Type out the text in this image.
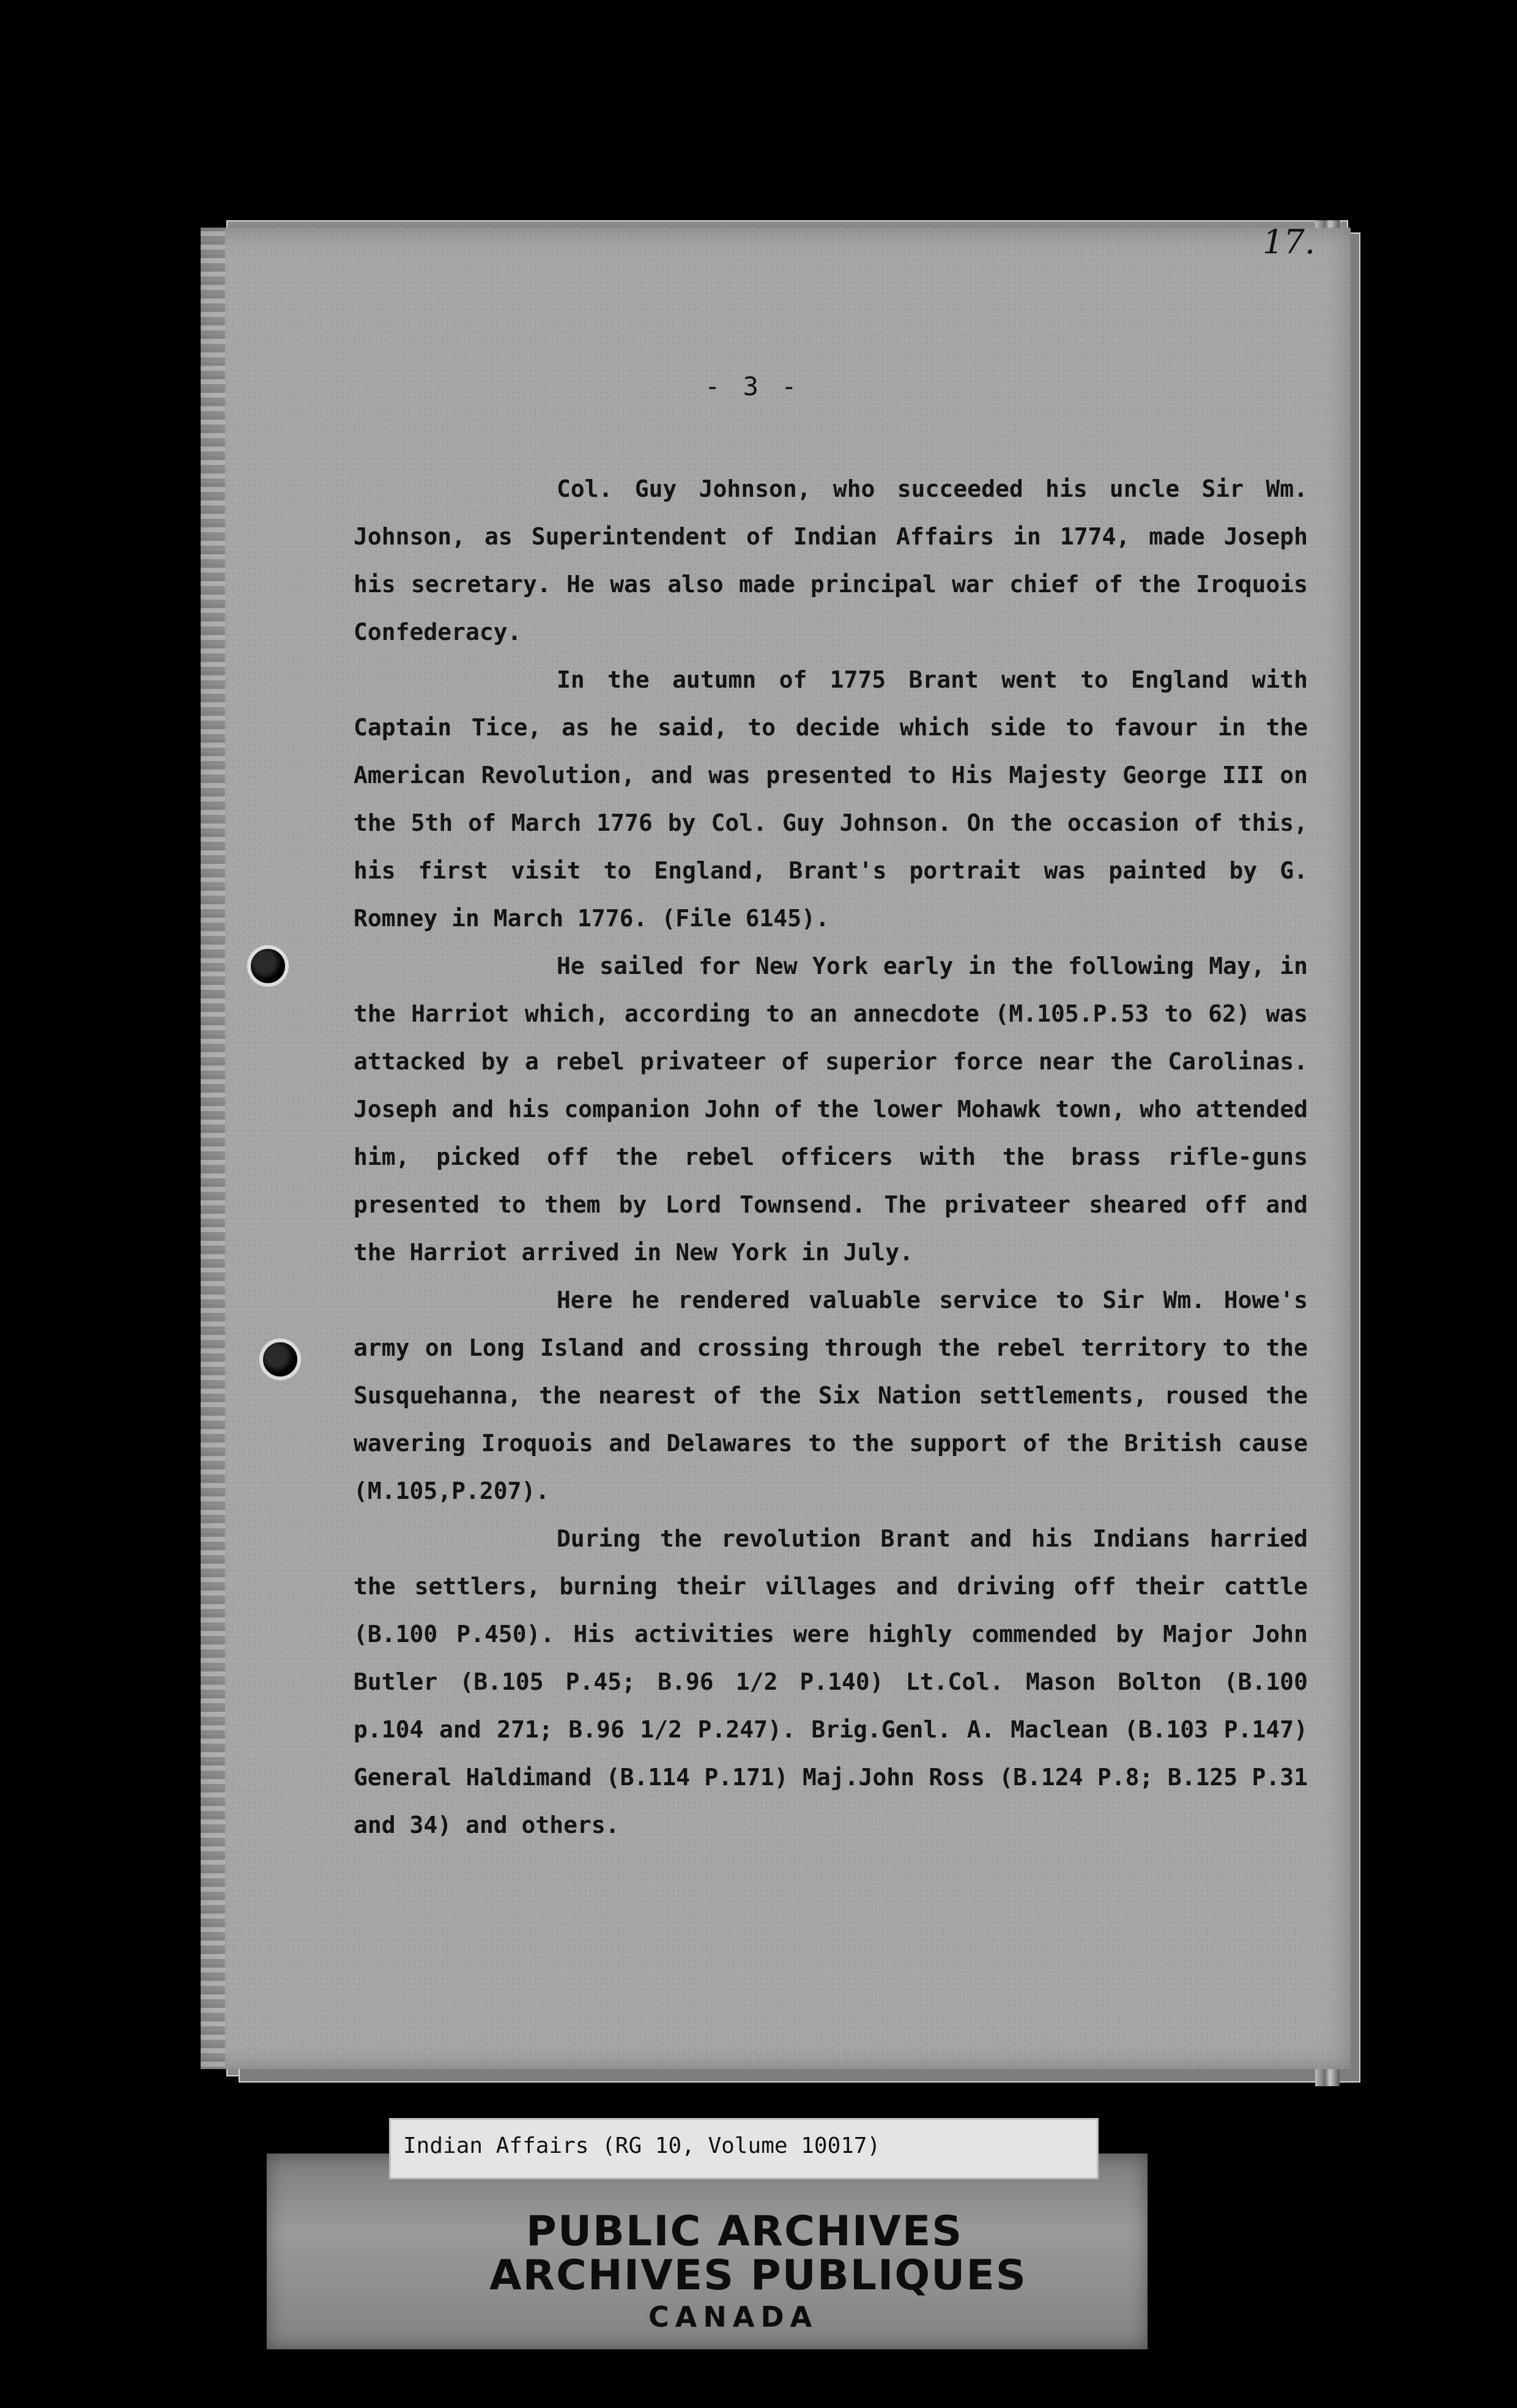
17.
- 3 -

Col. Guy Johnson, who succeeded his uncle Sir Wm. Johnson, as Superintendent of Indian Affairs in 1774, made Joseph his secretary. He was also made principal war chief of the Iroquois Confederacy.

In the autumn of 1775 Brant went to England with Captain Tice, as he said, to decide which side to favour in the American Revolution, and was presented to His Majesty George III on the 5th of March 1776 by Col. Guy Johnson. On the occasion of this, his first visit to England, Brant's portrait was painted by G. Romney in March 1776. (File 6145).

He sailed for New York early in the following May, in the Harriot which, according to an annecdote (M.105.P.53 to 62) was attacked by a rebel privateer of superior force near the Carolinas. Joseph and his companion John of the lower Mohawk town, who attended him, picked off the rebel officers with the brass rifle-guns presented to them by Lord Townsend. The privateer sheared off and the Harriot arrived in New York in July.

Here he rendered valuable service to Sir Wm. Howe's army on Long Island and crossing through the rebel territory to the Susquehanna, the nearest of the Six Nation settlements, roused the wavering Iroquois and Delawares to the support of the British cause (M.105,P.207).

During the revolution Brant and his Indians harried the settlers, burning their villages and driving off their cattle (B.100 P.450). His activities were highly commended by Major John Butler (B.105 P.45; B.96 1/2 P.140) Lt.Col. Mason Bolton (B.100 p.104 and 271; B.96 1/2 P.247). Brig.Genl. A. Maclean (B.103 P.147) General Haldimand (B.114 P.171) Maj.John Ross (B.124 P.8; B.125 P.31 and 34) and others.

Indian Affairs (RG 10, Volume 10017)
PUBLIC ARCHIVES
ARCHIVES PUBLIQUES
CANADA
